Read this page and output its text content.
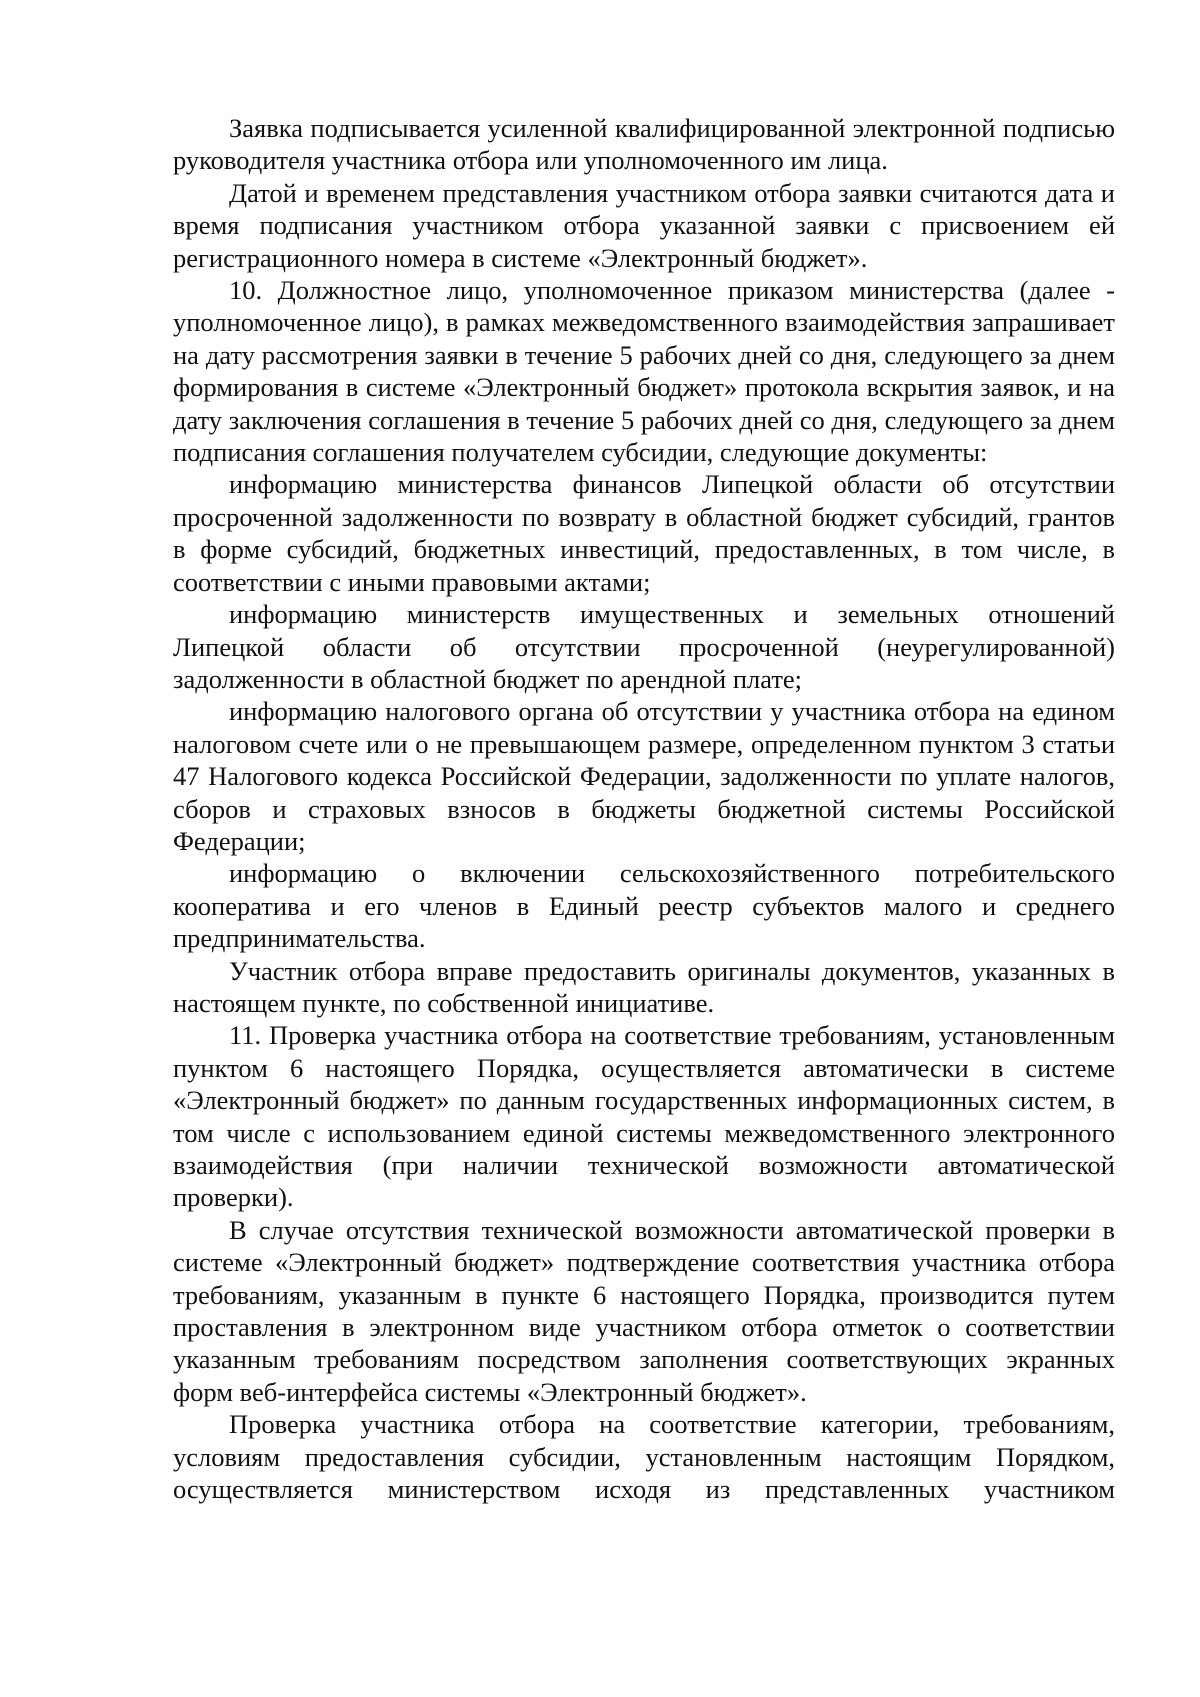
Заявка подписывается усиленной квалифицированной электронной подписью руководителя участника отбора или уполномоченного им лица.

Датой и временем представления участником отбора заявки считаются дата и время подписания участником отбора указанной заявки с присвоением ей регистрационного номера в системе «Электронный бюджет».

10. Должностное лицо, уполномоченное приказом министерства (далее - уполномоченное лицо), в рамках межведомственного взаимодействия запрашивает на дату рассмотрения заявки в течение 5 рабочих дней со дня, следующего за днем формирования в системе «Электронный бюджет» протокола вскрытия заявок, и на дату заключения соглашения в течение 5 рабочих дней со дня, следующего за днем подписания соглашения получателем субсидии, следующие документы:

информацию министерства финансов Липецкой области об отсутствии просроченной задолженности по возврату в областной бюджет субсидий, грантов в форме субсидий, бюджетных инвестиций, предоставленных, в том числе, в соответствии с иными правовыми актами;

информацию министерств имущественных и земельных отношений Липецкой области об отсутствии просроченной (неурегулированной) задолженности в областной бюджет по арендной плате;

информацию налогового органа об отсутствии у участника отбора на едином налоговом счете или о не превышающем размере, определенном пунктом 3 статьи 47 Налогового кодекса Российской Федерации, задолженности по уплате налогов, сборов и страховых взносов в бюджеты бюджетной системы Российской Федерации;

информацию о включении сельскохозяйственного потребительского кооператива и его членов в Единый реестр субъектов малого и среднего предпринимательства.

Участник отбора вправе предоставить оригиналы документов, указанных в настоящем пункте, по собственной инициативе.

11. Проверка участника отбора на соответствие требованиям, установленным пунктом 6 настоящего Порядка, осуществляется автоматически в системе «Электронный бюджет» по данным государственных информационных систем, в том числе с использованием единой системы межведомственного электронного взаимодействия (при наличии технической возможности автоматической проверки).

В случае отсутствия технической возможности автоматической проверки в системе «Электронный бюджет» подтверждение соответствия участника отбора требованиям, указанным в пункте 6 настоящего Порядка, производится путем проставления в электронном виде участником отбора отметок о соответствии указанным требованиям посредством заполнения соответствующих экранных форм веб-интерфейса системы «Электронный бюджет».

Проверка участника отбора на соответствие категории, требованиям, условиям предоставления субсидии, установленным настоящим Порядком, осуществляется министерством исходя из представленных участником
